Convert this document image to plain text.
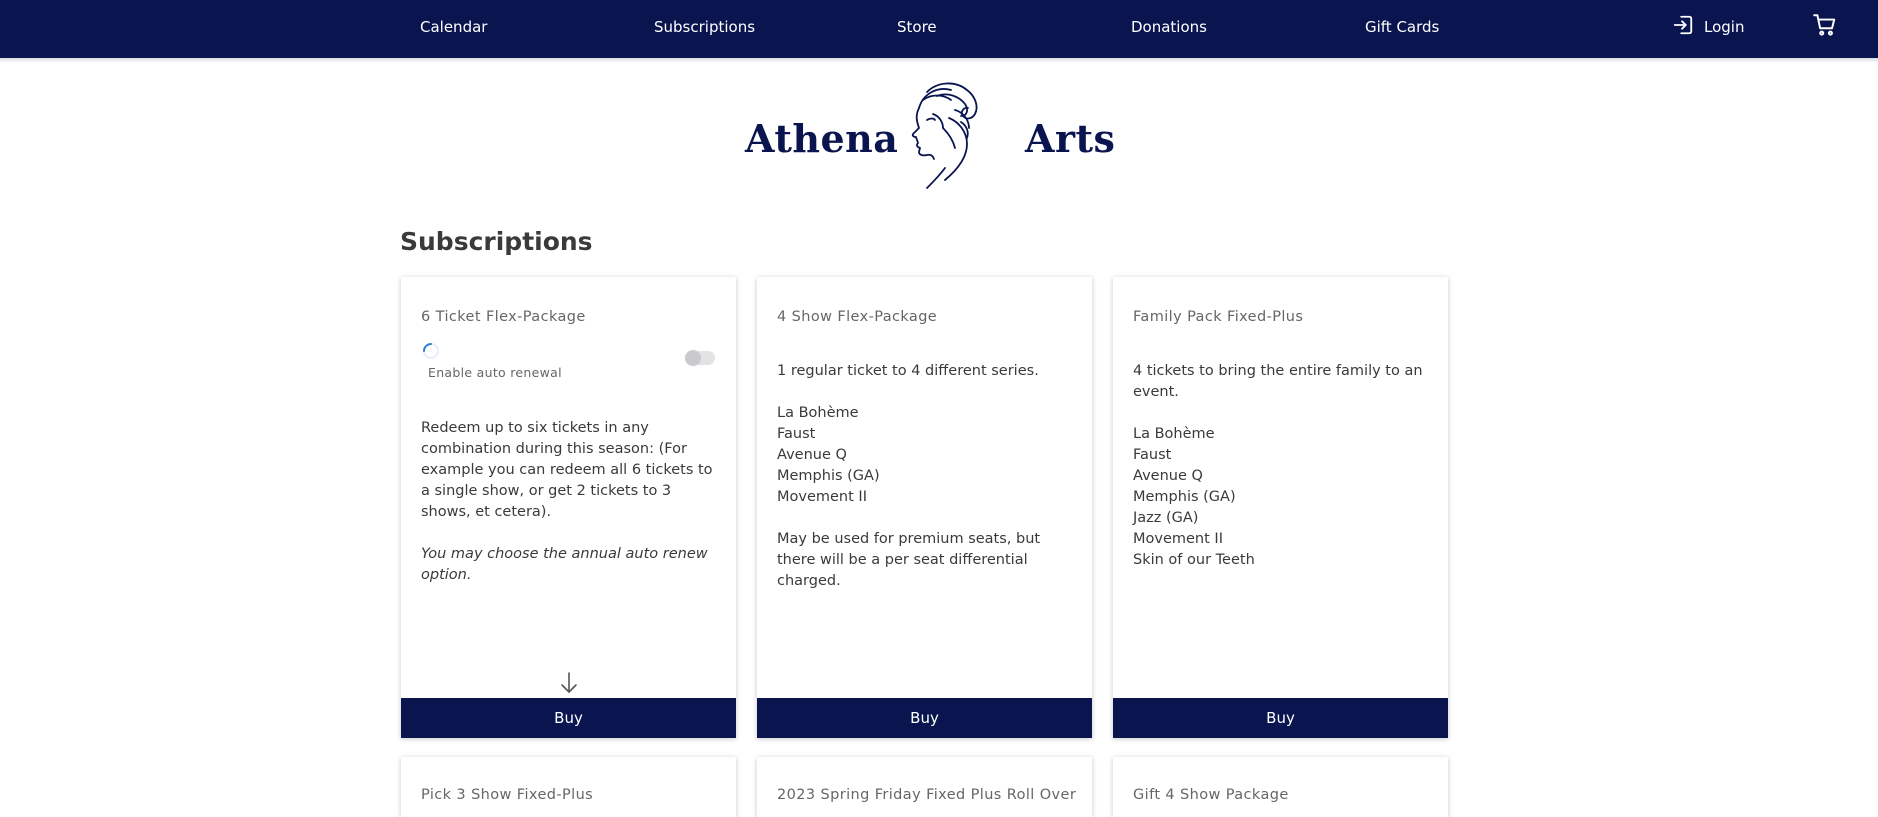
Calendar	Subscriptions	Store	Donations	Gift Cards	Login
Athena	Arts
Subscriptions
6 Ticket Flex-Package
Enable auto renewal

Redeem up to six tickets in any combination during this season: (For example you can redeem all 6 tickets to a single show, or get 2 tickets to 3 shows, et cetera).

You may choose the annual auto renew option.

Buy
4 Show Flex-Package

1 regular ticket to 4 different series.

La Bohème
Faust
Avenue Q
Memphis (GA)
Movement II

May be used for premium seats, but there will be a per seat differential charged.

Buy
Family Pack Fixed-Plus

4 tickets to bring the entire family to an event.

La Bohème
Faust
Avenue Q
Memphis (GA)
Jazz (GA)
Movement II
Skin of our Teeth

Buy
Pick 3 Show Fixed-Plus	2023 Spring Friday Fixed Plus Roll Over	Gift 4 Show Package
